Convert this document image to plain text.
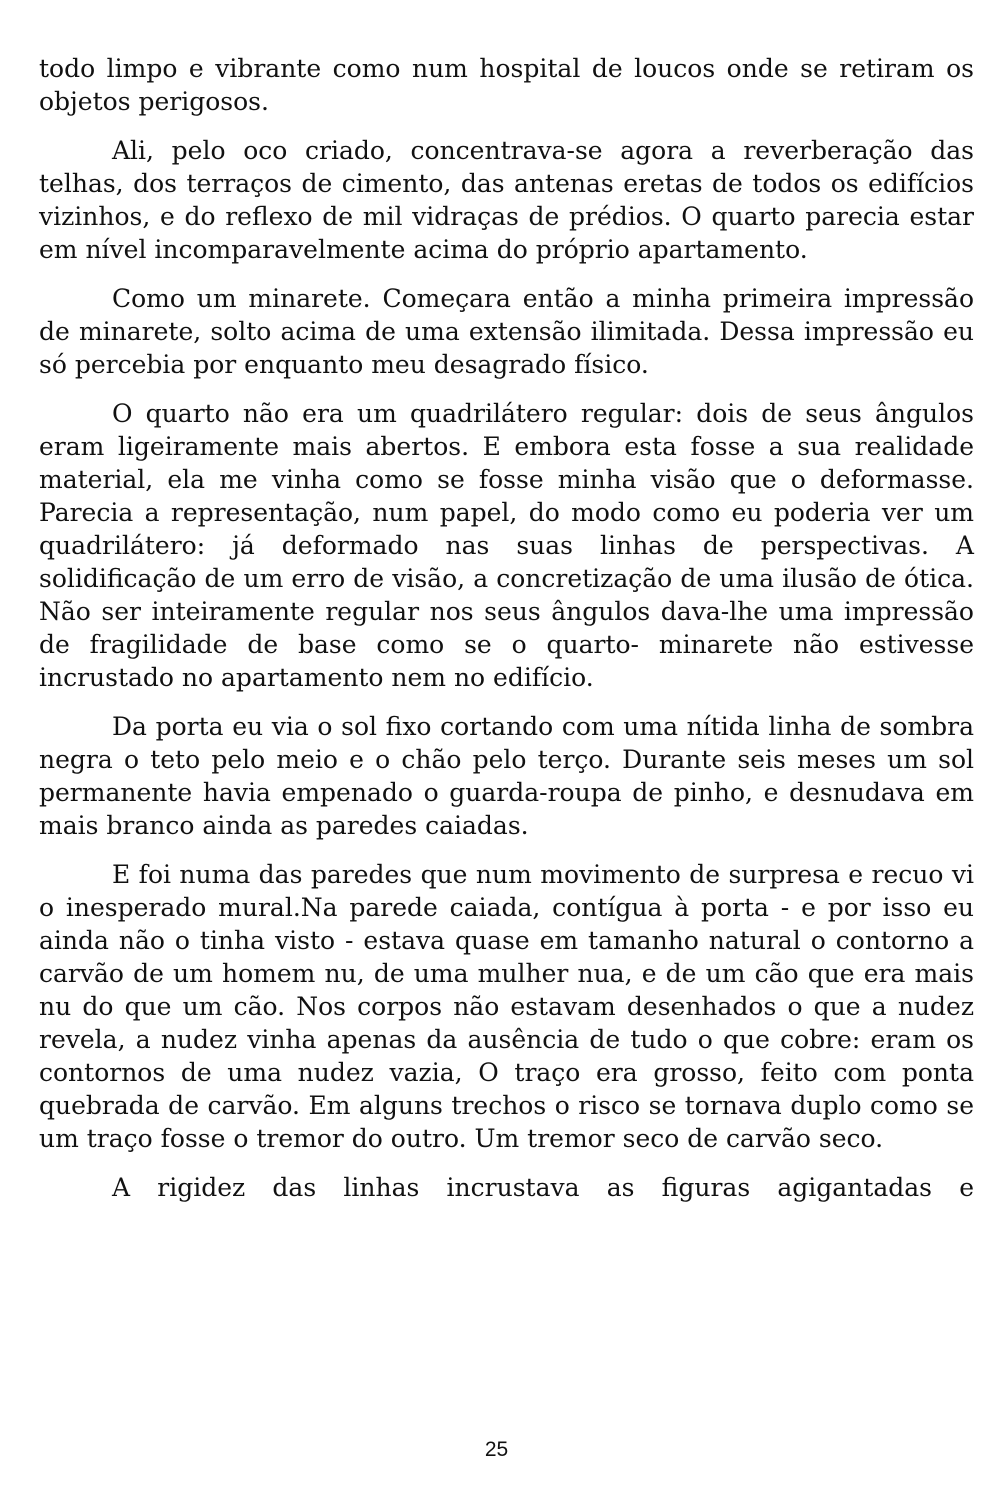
todo limpo e vibrante como num hospital de loucos onde se retiram os objetos perigosos.

Ali, pelo oco criado, concentrava-se agora a reverberação das telhas, dos terraços de cimento, das antenas eretas de todos os edifícios vizinhos, e do reflexo de mil vidraças de prédios. O quarto parecia estar em nível incomparavelmente acima do próprio apartamento.

Como um minarete. Começara então a minha primeira impressão de minarete, solto acima de uma extensão ilimitada. Dessa impressão eu só percebia por enquanto meu desagrado físico.

O quarto não era um quadrilátero regular: dois de seus ângulos eram ligeiramente mais abertos. E embora esta fosse a sua realidade material, ela me vinha como se fosse minha visão que o deformasse. Parecia a representação, num papel, do modo como eu poderia ver um quadrilátero: já deformado nas suas linhas de perspectivas. A solidificação de um erro de visão, a concretização de uma ilusão de ótica. Não ser inteiramente regular nos seus ângulos dava-lhe uma impressão de fragilidade de base como se o quarto- minarete não estivesse incrustado no apartamento nem no edifício.

Da porta eu via o sol fixo cortando com uma nítida linha de sombra negra o teto pelo meio e o chão pelo terço. Durante seis meses um sol permanente havia empenado o guarda-roupa de pinho, e desnudava em mais branco ainda as paredes caiadas.

E foi numa das paredes que num movimento de surpresa e recuo vi o inesperado mural.Na parede caiada, contígua à porta - e por isso eu ainda não o tinha visto - estava quase em tamanho natural o contorno a carvão de um homem nu, de uma mulher nua, e de um cão que era mais nu do que um cão. Nos corpos não estavam desenhados o que a nudez revela, a nudez vinha apenas da ausência de tudo o que cobre: eram os contornos de uma nudez vazia, O traço era grosso, feito com ponta quebrada de carvão. Em alguns trechos o risco se tornava duplo como se um traço fosse o tremor do outro. Um tremor seco de carvão seco.

A rigidez das linhas incrustava as figuras agigantadas e

25
